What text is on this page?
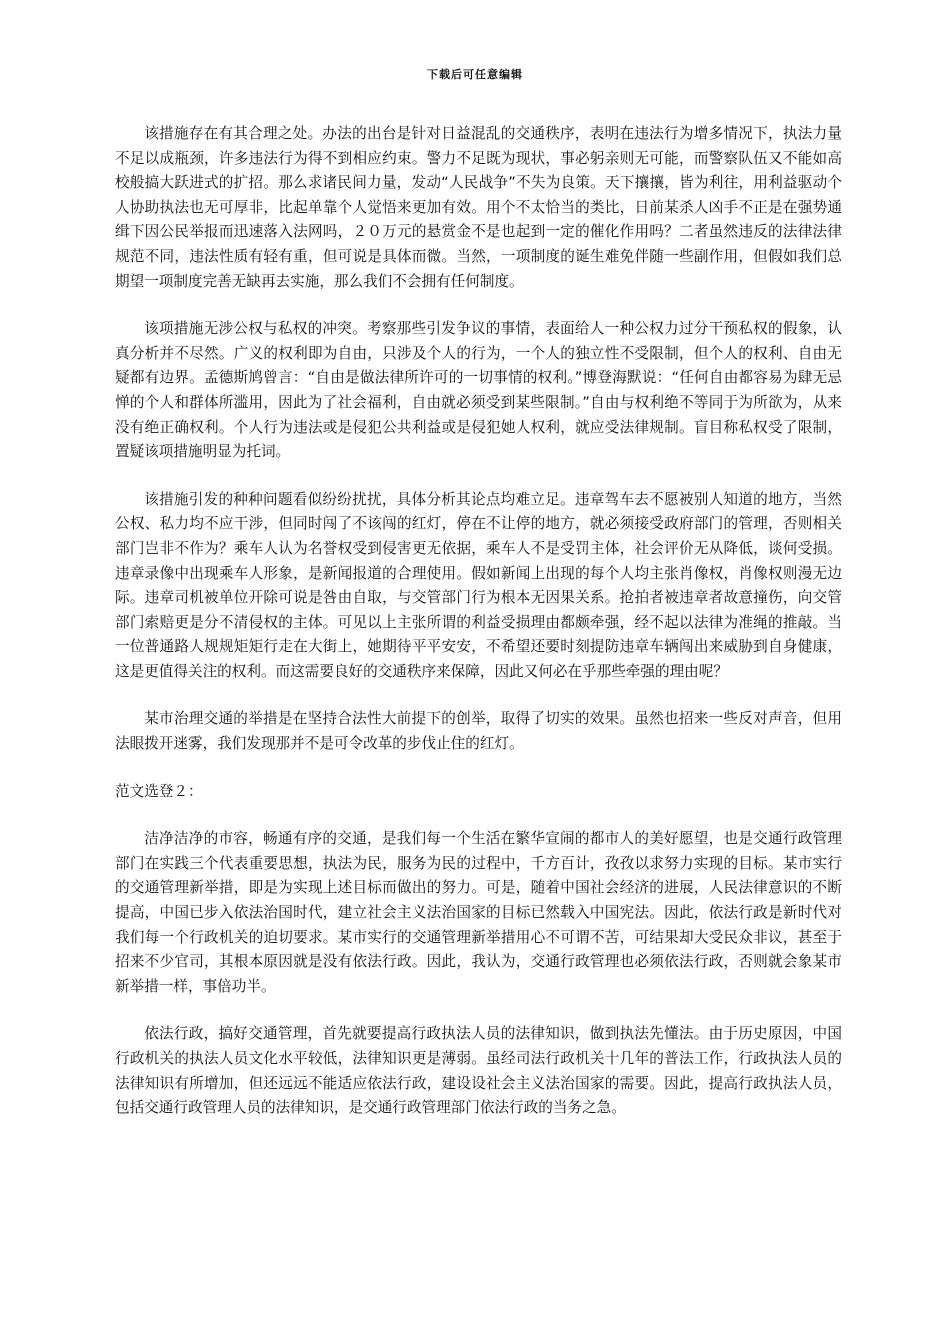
下载后可任意编辑

该措施存在有其合理之处。办法的出台是针对日益混乱的交通秩序，表明在违法行为增多情况下，执法力量不足以成瓶颈，许多违法行为得不到相应约束。警力不足既为现状，事必躬亲则无可能，而警察队伍又不能如高校般搞大跃进式的扩招。那么求诸民间力量，发动“人民战争”不失为良策。天下攘攘，皆为利往，用利益驱动个人协助执法也无可厚非，比起单靠个人觉悟来更加有效。用个不太恰当的类比，日前某杀人凶手不正是在强势通缉下因公民举报而迅速落入法网吗，２０万元的悬赏金不是也起到一定的催化作用吗？二者虽然违反的法律法律规范不同，违法性质有轻有重，但可说是具体而微。当然，一项制度的诞生难免伴随一些副作用，但假如我们总期望一项制度完善无缺再去实施，那么我们不会拥有任何制度。

该项措施无涉公权与私权的冲突。考察那些引发争议的事情，表面给人一种公权力过分干预私权的假象，认真分析并不尽然。广义的权利即为自由，只涉及个人的行为，一个人的独立性不受限制，但个人的权利、自由无疑都有边界。孟德斯鸠曾言：“自由是做法律所许可的一切事情的权利。”博登海默说：“任何自由都容易为肆无忌惮的个人和群体所滥用，因此为了社会福利，自由就必须受到某些限制。”自由与权利绝不等同于为所欲为，从来没有绝正确权利。个人行为违法或是侵犯公共利益或是侵犯她人权利，就应受法律规制。盲目称私权受了限制，置疑该项措施明显为托词。

该措施引发的种种问题看似纷纷扰扰，具体分析其论点均难立足。违章驾车去不愿被别人知道的地方，当然公权、私力均不应干涉，但同时闯了不该闯的红灯，停在不让停的地方，就必须接受政府部门的管理，否则相关部门岂非不作为？乘车人认为名誉权受到侵害更无依据，乘车人不是受罚主体，社会评价无从降低，谈何受损。违章录像中出现乘车人形象，是新闻报道的合理使用。假如新闻上出现的每个人均主张肖像权，肖像权则漫无边际。违章司机被单位开除可说是咎由自取，与交管部门行为根本无因果关系。抢拍者被违章者故意撞伤，向交管部门索赔更是分不清侵权的主体。可见以上主张所谓的利益受损理由都颇牵强，经不起以法律为准绳的推敲。当一位普通路人规规矩矩行走在大街上，她期待平平安安，不希望还要时刻提防违章车辆闯出来威胁到自身健康，这是更值得关注的权利。而这需要良好的交通秩序来保障，因此又何必在乎那些牵强的理由呢？

某市治理交通的举措是在坚持合法性大前提下的创举，取得了切实的效果。虽然也招来一些反对声音，但用法眼拨开迷雾，我们发现那并不是可令改革的步伐止住的红灯。

范文选登２：

洁净洁净的市容，畅通有序的交通，是我们每一个生活在繁华宣闹的都市人的美好愿望，也是交通行政管理部门在实践三个代表重要思想，执法为民，服务为民的过程中，千方百计，孜孜以求努力实现的目标。某市实行的交通管理新举措，即是为实现上述目标而做出的努力。可是，随着中国社会经济的进展，人民法律意识的不断提高，中国已步入依法治国时代，建立社会主义法治国家的目标已然载入中国宪法。因此，依法行政是新时代对我们每一个行政机关的迫切要求。某市实行的交通管理新举措用心不可谓不苦，可结果却大受民众非议，甚至于招来不少官司，其根本原因就是没有依法行政。因此，我认为，交通行政管理也必须依法行政，否则就会象某市新举措一样，事倍功半。

依法行政，搞好交通管理，首先就要提高行政执法人员的法律知识，做到执法先懂法。由于历史原因，中国行政机关的执法人员文化水平较低，法律知识更是薄弱。虽经司法行政机关十几年的普法工作，行政执法人员的法律知识有所增加，但还远远不能适应依法行政，建设设社会主义法治国家的需要。因此，提高行政执法人员，包括交通行政管理人员的法律知识，是交通行政管理部门依法行政的当务之急。
